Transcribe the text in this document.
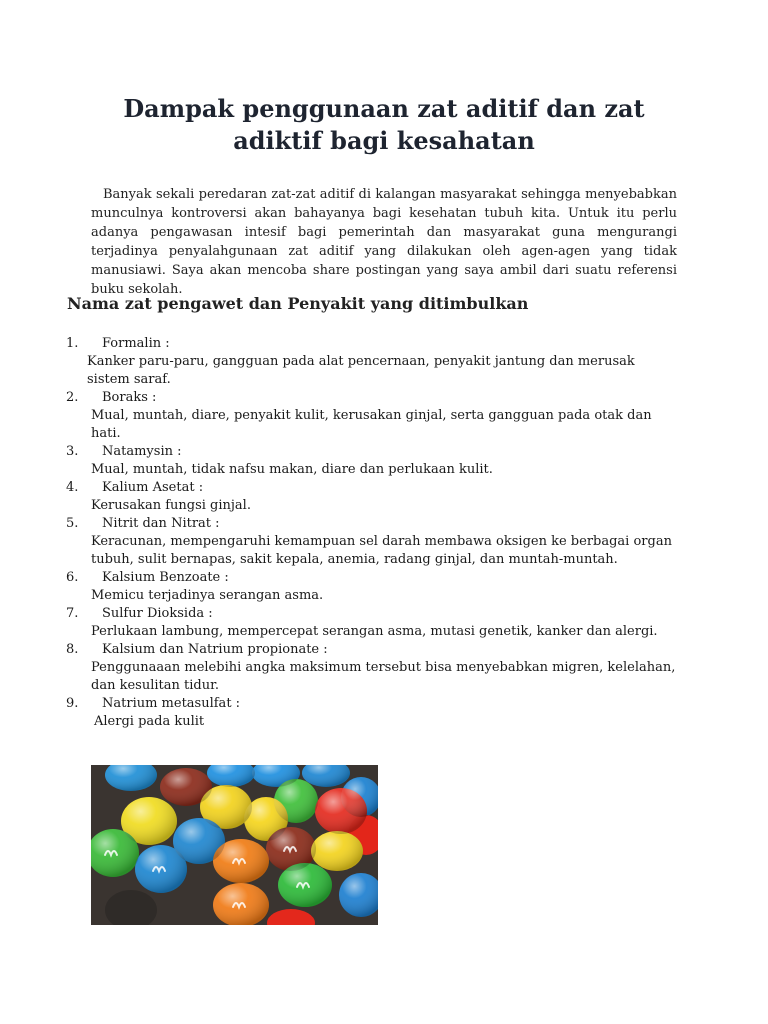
Dampak penggunaan zat aditif dan zat adiktif bagi kesahatan

Banyak sekali peredaran zat-zat aditif di kalangan masyarakat sehingga menyebabkan munculnya kontroversi akan bahayanya bagi kesehatan tubuh kita. Untuk itu perlu adanya pengawasan intesif bagi pemerintah dan masyarakat guna mengurangi terjadinya penyalahgunaan zat aditif yang dilakukan oleh agen-agen yang tidak manusiawi. Saya akan mencoba share postingan yang saya ambil dari suatu referensi buku sekolah.

Nama zat pengawet dan Penyakit yang ditimbulkan
1.	Formalin :
Kanker paru-paru, gangguan pada alat pencernaan, penyakit jantung dan merusak sistem saraf.
2.	Boraks :
Mual, muntah, diare, penyakit kulit, kerusakan ginjal, serta gangguan pada otak dan hati.
3.	Natamysin :
Mual, muntah, tidak nafsu makan, diare dan perlukaan kulit.
4.	Kalium Asetat :
Kerusakan fungsi ginjal.
5.	Nitrit dan Nitrat :
Keracunan, mempengaruhi kemampuan sel darah membawa oksigen ke berbagai organ tubuh, sulit bernapas, sakit kepala, anemia, radang ginjal, dan muntah-muntah.
6.	Kalsium Benzoate :
Memicu terjadinya serangan asma.
7.	Sulfur Dioksida :
Perlukaan lambung, mempercepat serangan asma, mutasi genetik, kanker dan alergi.
8.	Kalsium dan Natrium propionate :
Penggunaaan melebihi angka maksimum tersebut bisa menyebabkan migren, kelelahan, dan kesulitan tidur.
9.	Natrium metasulfat :
Alergi pada kulit
